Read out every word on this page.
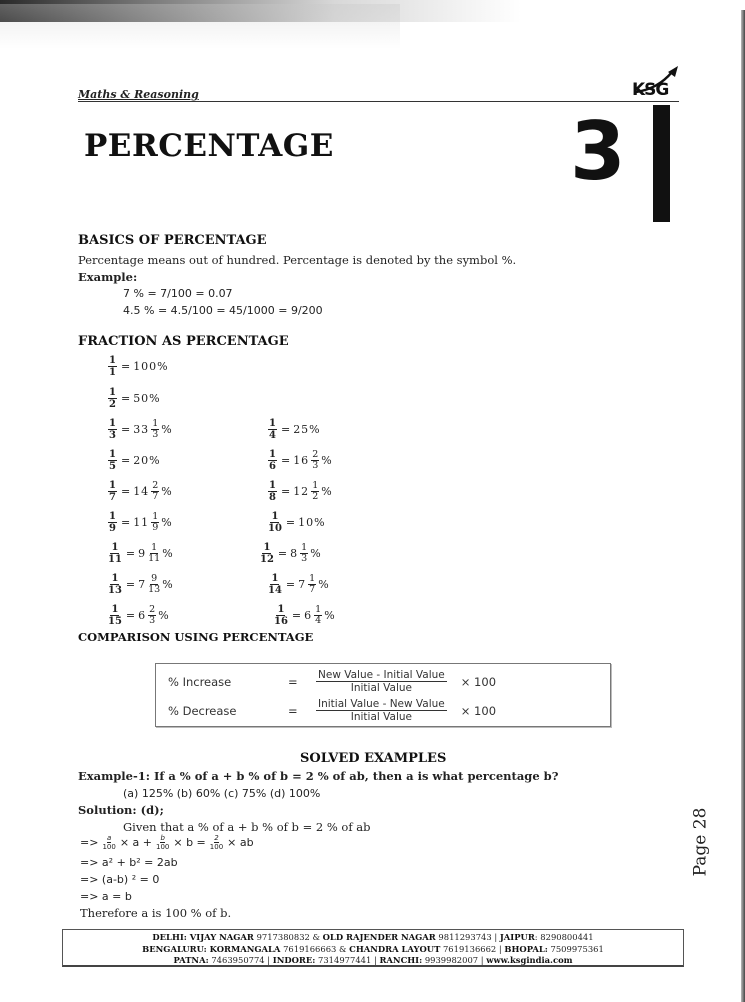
Maths & Reasoning	KSG
PERCENTAGE	3
BASICS OF PERCENTAGE
Percentage means out of hundred. Percentage is denoted by the symbol %.
Example:
7 % = 7/100 = 0.07
4.5 % = 4.5/100 = 45/1000 = 9/200
FRACTION AS PERCENTAGE
$\frac{1}{1} = 100\%$
$\frac{1}{2} = 50\%$
$\frac{1}{3} = 33 \frac{1}{3}$ %	$\frac{1}{4} = 25\%$
$\frac{1}{5} = 20\%$	$\frac{1}{6} = 16 \frac{2}{3}$ %
$\frac{1}{7} = 14 \frac{2}{7}$ %	$\frac{1}{8} = 12 \frac{1}{2}$ %
$\frac{1}{9} = 11 \frac{1}{9}$ %	$\frac{1}{10} = 10\%$
$\frac{1}{11} = 9 \frac{1}{11}$ %	$\frac{1}{12} = 8 \frac{1}{3}$ %
$\frac{1}{13} = 7 \frac{9}{13}$ %	$\frac{1}{14} = 7 \frac{1}{7}$ %
$\frac{1}{15} = 6 \frac{2}{3}$ %	$\frac{1}{16} = 6 \frac{1}{4}$ %
COMPARISON USING PERCENTAGE
% Increase	=	$\frac{\text{New Value - Initial Value}}{\text{Initial Value}} \times 100$
% Decrease	=	$\frac{\text{Initial Value - New Value}}{\text{Initial Value}} \times 100$
SOLVED EXAMPLES
Example-1: If a % of a + b % of b = 2 % of ab, then a is what percentage b?
(a) 125% (b) 60% (c) 75% (d) 100%
Solution: (d);
Given that a % of a + b % of b = 2 % of ab
=> $\frac{a}{100} \times a + \frac{b}{100} \times b = \frac{2}{100}$ × ab
=> a² + b² = 2ab
=> (a-b) ² = 0
=> a = b
Therefore a is 100 % of b.
Page 28
DELHI: VIJAY NAGAR 9717380832 & OLD RAJENDER NAGAR 9811293743 | JAIPUR: 8290800441
BENGALURU: KORMANGALA 7619166663 & CHANDRA LAYOUT 7619136662 | BHOPAL: 7509975361
PATNA: 7463950774 | INDORE: 7314977441 | RANCHI: 9939982007 | www.ksgindia.com
